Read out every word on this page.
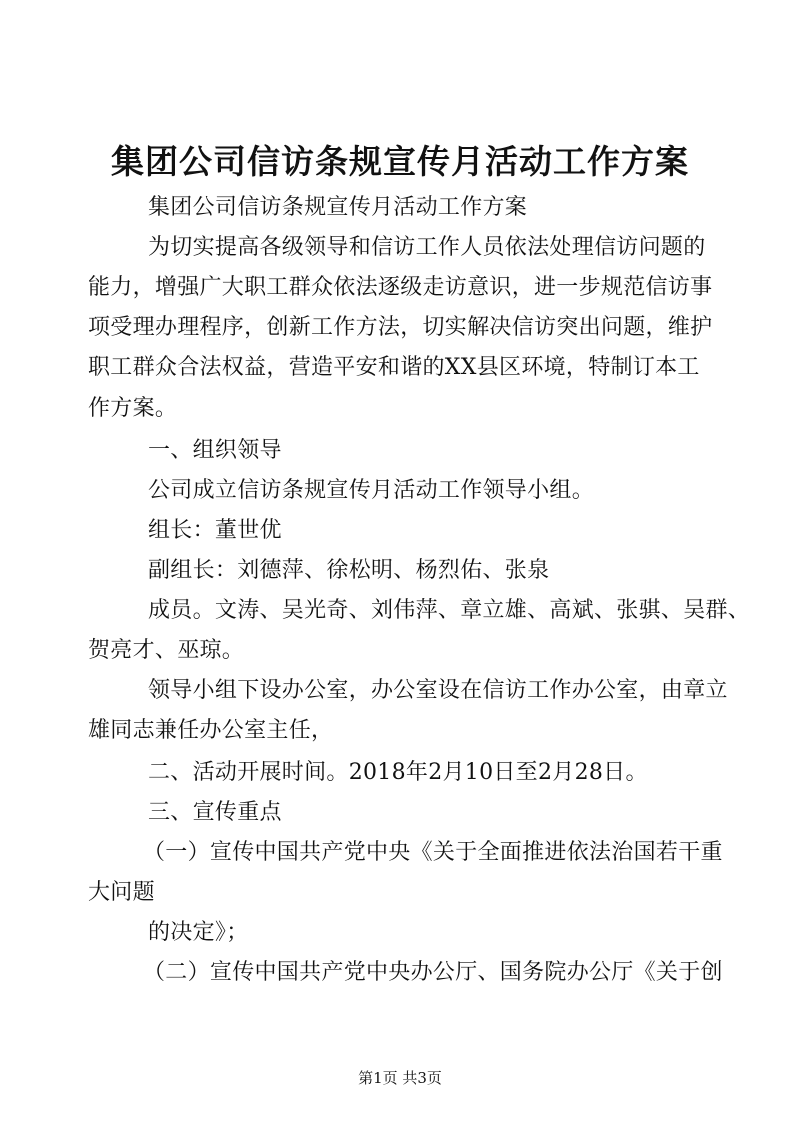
集团公司信访条规宣传月活动工作方案
集团公司信访条规宣传月活动工作方案
为切实提高各级领导和信访工作人员依法处理信访问题的
能力，增强广大职工群众依法逐级走访意识，进一步规范信访事
项受理办理程序，创新工作方法，切实解决信访突出问题，维护
职工群众合法权益，营造平安和谐的XX县区环境，特制订本工
作方案。
一、组织领导
公司成立信访条规宣传月活动工作领导小组。
组长：董世优
副组长：刘德萍、徐松明、杨烈佑、张泉
成员。文涛、吴光奇、刘伟萍、章立雄、高斌、张骐、吴群、
贺亮才、巫琼。
领导小组下设办公室，办公室设在信访工作办公室，由章立
雄同志兼任办公室主任，
二、活动开展时间。2018年2月10日至2月28日。
三、宣传重点
（一）宣传中国共产党中央《关于全面推进依法治国若干重
大问题
的决定》；
（二）宣传中国共产党中央办公厅、国务院办公厅《关于创
第1页 共3页
